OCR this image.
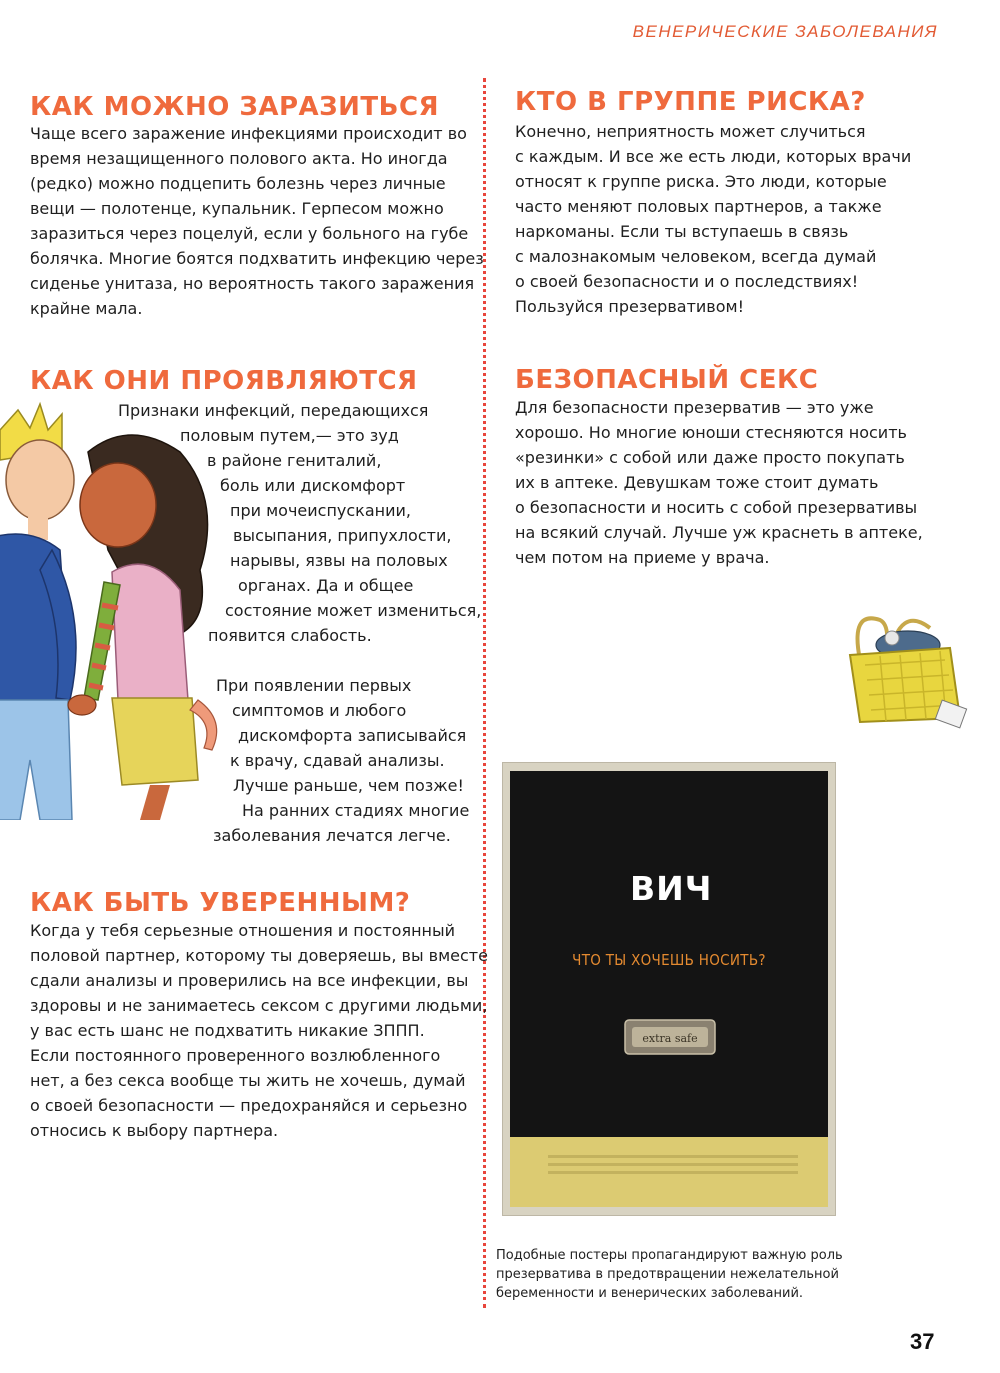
ВЕНЕРИЧЕСКИЕ ЗАБОЛЕВАНИЯ
КАК МОЖНО ЗАРАЗИТЬСЯ
Чаще всего заражение инфекциями происходит во
время незащищенного полового акта. Но иногда
(редко) можно подцепить болезнь через личные
вещи — полотенце, купальник. Герпесом можно
заразиться через поцелуй, если у больного на губе
болячка. Многие боятся подхватить инфекцию через
сиденье унитаза, но вероятность такого заражения
крайне мала.
КТО В ГРУППЕ РИСКА?
Конечно, неприятность может случиться
с каждым. И все же есть люди, которых врачи
относят к группе риска. Это люди, которые
часто меняют половых партнеров, а также
наркоманы. Если ты вступаешь в связь
с малознакомым человеком, всегда думай
о своей безопасности и о последствиях!
Пользуйся презервативом!
КАК ОНИ ПРОЯВЛЯЮТСЯ
Признаки инфекций, передающихся
половым путем,— это зуд
в районе гениталий,
боль или дискомфорт
при мочеиспускании,
высыпания, припухлости,
нарывы, язвы на половых
органах. Да и общее
состояние может измениться,
появится слабость.
При появлении первых
симптомов и любого
дискомфорта записывайся
к врачу, сдавай анализы.
Лучше раньше, чем позже!
На ранних стадиях многие
заболевания лечатся легче.
БЕЗОПАСНЫЙ СЕКС
Для безопасности презерватив — это уже
хорошо. Но многие юноши стесняются носить
«резинки» с собой или даже просто покупать
их в аптеке. Девушкам тоже стоит думать
о безопасности и носить с собой презервативы
на всякий случай. Лучше уж краснеть в аптеке,
чем потом на приеме у врача.
ВИЧ

ЧТО ТЫ ХОЧЕШЬ НОСИТЬ?

extra safe
Подобные постеры пропагандируют важную роль
презерватива в предотвращении нежелательной
беременности и венерических заболеваний.
КАК БЫТЬ УВЕРЕННЫМ?
Когда у тебя серьезные отношения и постоянный
половой партнер, которому ты доверяешь, вы вместе
сдали анализы и проверились на все инфекции, вы
здоровы и не занимаетесь сексом с другими людьми,
у вас есть шанс не подхватить никакие ЗППП.
Если постоянного проверенного возлюбленного
нет, а без секса вообще ты жить не хочешь, думай
о своей безопасности — предохраняйся и серьезно
относись к выбору партнера.
37
